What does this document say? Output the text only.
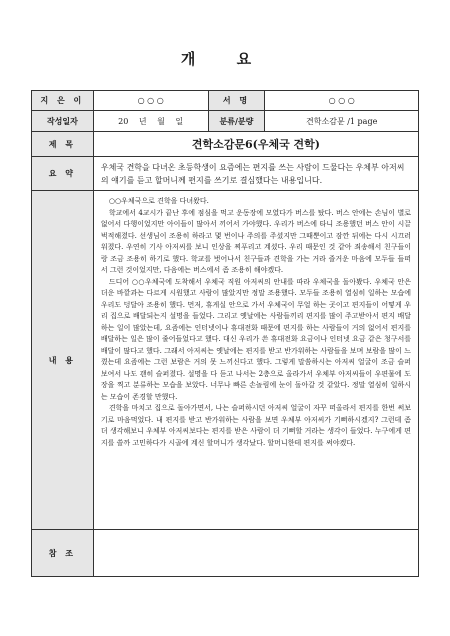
개 요
지 은 이	○ ○ ○	서 명	○ ○ ○
작성일자	20 년 월 일	분류/분량	견학소감문 /1 page
제 목	견학소감문6(우체국 견학)		
요 약	우체국 견학을 다녀온 초등학생이 요즘에는 편지를 쓰는 사람이 드물다는 우체부 아저씨의 얘기를 듣고 할머니께 편지를 쓰기로 결심했다는 내용입니다.		
내 용	○○우체국으로 견학을 다녀왔다.

학교에서 4교시가 끝난 후에 점심을 먹고 운동장에 모였다가 버스를 탔다. 버스 안에는 손님이 별로 없어서 다행이었지만 아이들이 많아서 끼어서 가야했다. 우리가 버스에 타니 조용했던 버스 안이 시끌벅적해졌다. 선생님이 조용히 하라고 몇 번이나 주의를 주셨지만 그때뿐이고 잠깐 뒤에는 다시 시끄러워졌다. 우연히 기사 아저씨를 보니 인상을 찌푸리고 계셨다. 우리 때문인 것 같아 죄송해서 친구들이랑 조금 조용히 하기로 했다. 학교를 벗어나서 친구들과 견학을 가는 거라 즐거운 마음에 모두들 들떠서 그런 것이었지만, 다음에는 버스에서 좀 조용히 해야겠다.

드디어 ○○우체국에 도착해서 우체국 직원 아저씨의 안내를 따라 우체국을 돌아봤다. 우체국 안은 더운 바깥과는 다르게 시원했고 사람이 많았지만 정말 조용했다. 모두들 조용히 열심히 일하는 모습에 우리도 덩달아 조용히 했다. 먼저, 휴게실 안으로 가서 우체국이 무얼 하는 곳이고 편지들이 어떻게 우리 집으로 배달되는지 설명을 들었다. 그리고 옛날에는 사람들끼리 편지를 많이 주고받아서 편지 배달하는 일이 많았는데, 요즘에는 인터넷이나 휴대전화 때문에 편지를 하는 사람들이 거의 없어서 편지를 배달하는 일은 많이 줄어들었다고 했다. 대신 우리가 쓴 휴대전화 요금이나 인터넷 요금 같은 청구서를 배달이 많다고 했다. 그래서 아저씨는 옛날에는 편지를 받고 반가워하는 사람들을 보며 보람을 많이 느꼈는데 요즘에는 그런 보람은 거의 못 느끼신다고 했다. 그렇게 말씀하시는 아저씨 얼굴이 조금 슬퍼 보여서 나도 괜히 슬퍼졌다. 설명을 다 듣고 나서는 2층으로 올라가서 우체부 아저씨들이 우편물에 도장을 찍고 분류하는 모습을 보았다. 너무나 빠른 손놀림에 눈이 돌아갈 것 같았다. 정말 열심히 일하시는 모습이 존경할 만했다.

견학을 마치고 집으로 돌아가면서, 나는 슬퍼하시던 아저씨 얼굴이 자꾸 떠올라서 편지를 한번 써보기로 마음먹었다. 내 편지를 받고 반가워하는 사람을 보면 우체부 아저씨가 기뻐하시겠지? 그런데 좀 더 생각해보니 우체부 아저씨보다는 편지를 받은 사람이 더 기뻐할 거라는 생각이 들었다. 누구에게 편지를 쓸까 고민하다가 시골에 계신 할머니가 생각났다. 할머니한테 편지를 써야겠다.		

참 조			
